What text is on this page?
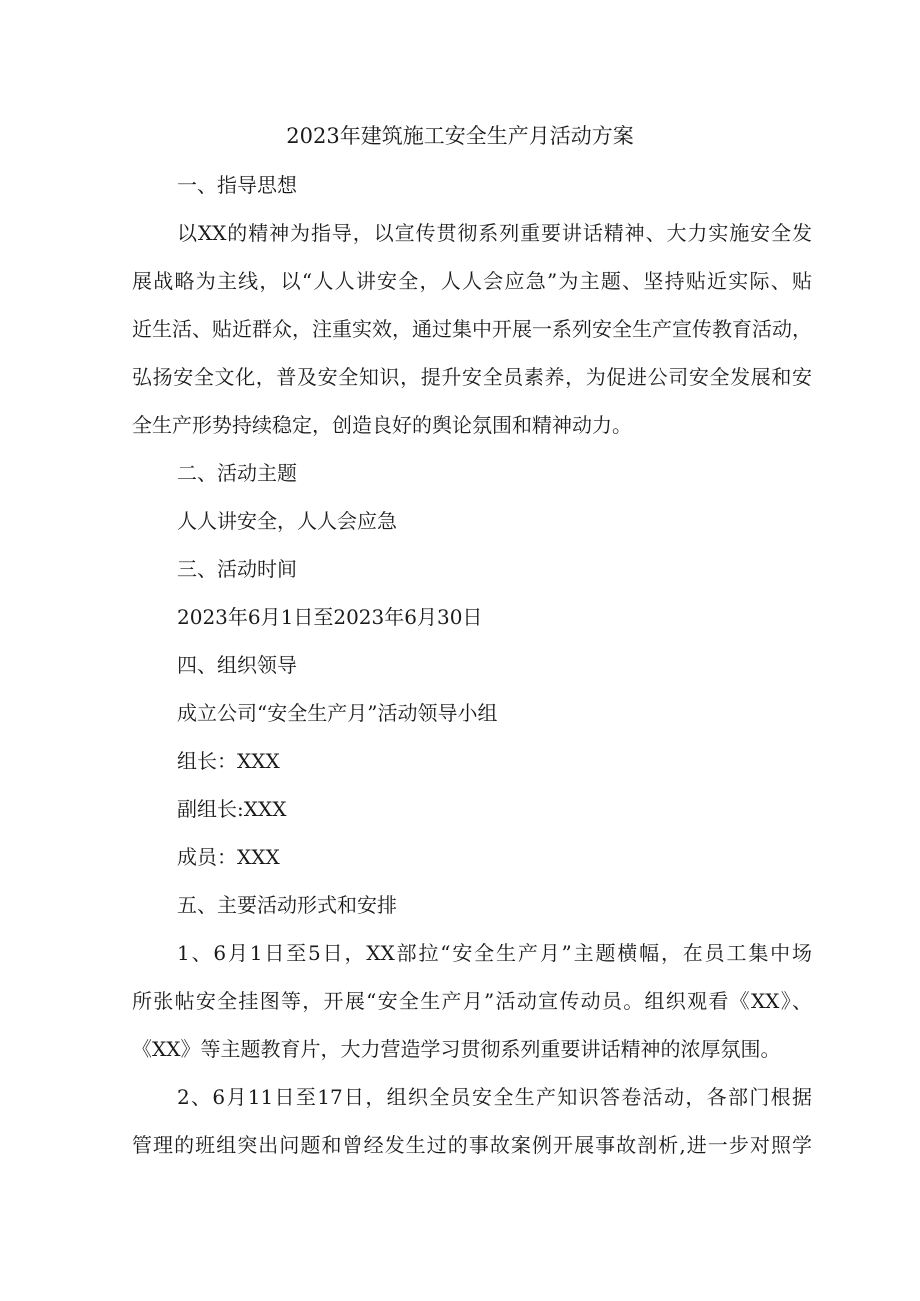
2023年建筑施工安全生产月活动方案

一、指导思想

以XX的精神为指导，以宣传贯彻系列重要讲话精神、大力实施安全发

展战略为主线，以“人人讲安全，人人会应急”为主题、坚持贴近实际、贴

近生活、贴近群众，注重实效，通过集中开展一系列安全生产宣传教育活动，

弘扬安全文化，普及安全知识，提升安全员素养，为促进公司安全发展和安

全生产形势持续稳定，创造良好的舆论氛围和精神动力。

二、活动主题

人人讲安全，人人会应急

三、活动时间

2023年6月1日至2023年6月30日

四、组织领导

成立公司“安全生产月”活动领导小组

组长：XXX

副组长:XXX

成员：XXX

五、主要活动形式和安排

1、6月1日至5日，XX部拉“安全生产月”主题横幅，在员工集中场

所张帖安全挂图等，开展“安全生产月”活动宣传动员。组织观看《XX》、

《XX》等主题教育片，大力营造学习贯彻系列重要讲话精神的浓厚氛围。

2、6月11日至17日，组织全员安全生产知识答卷活动，各部门根据

管理的班组突出问题和曾经发生过的事故案例开展事故剖析,进一步对照学
